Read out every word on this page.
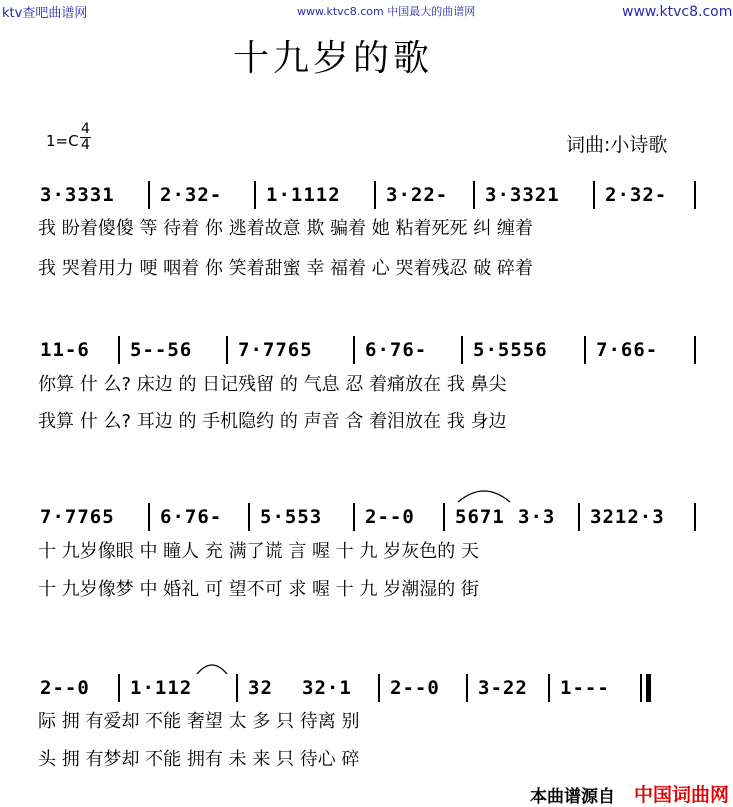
ktv查吧曲谱网	www.ktvc8.com 中国最大的曲谱网	www.ktvc8.com
十九岁的歌
1=C
4
4	词曲:小诗歌
3·3331 2·32- 1·1112 3·22- 3·3321 2·32-
我 盼着傻傻 等 待着 你 逃着故意 欺 骗着 她 粘着死死 纠 缠着
我 哭着用力 哽 咽着 你 笑着甜蜜 幸 福着 心 哭着残忍 破 碎着
11-6 5--56 7·7765	6·76- 5·5556	7·66-
你算 什 么? 床边 的 日记残留 的 气息 忍 着痛放在 我 鼻尖
我算 什 么? 耳边 的 手机隐约 的 声音 含 着泪放在 我 身边
7·7765 6·76- 5·553 2--0 5671 3·3 3212·3
十 九岁像眼 中 瞳人 充 满了谎 言 喔 十 九 岁灰色的 天
十 九岁像梦 中 婚礼 可 望不可 求 喔 十 九 岁潮湿的 街
2--0 1·112	32 32·1 2--0 3-22 1---
际 拥 有爱却 不能 奢望 太 多 只 待离 别
头 拥 有梦却 不能 拥有 未 来 只 待心 碎
本曲谱源自 中国词曲网
